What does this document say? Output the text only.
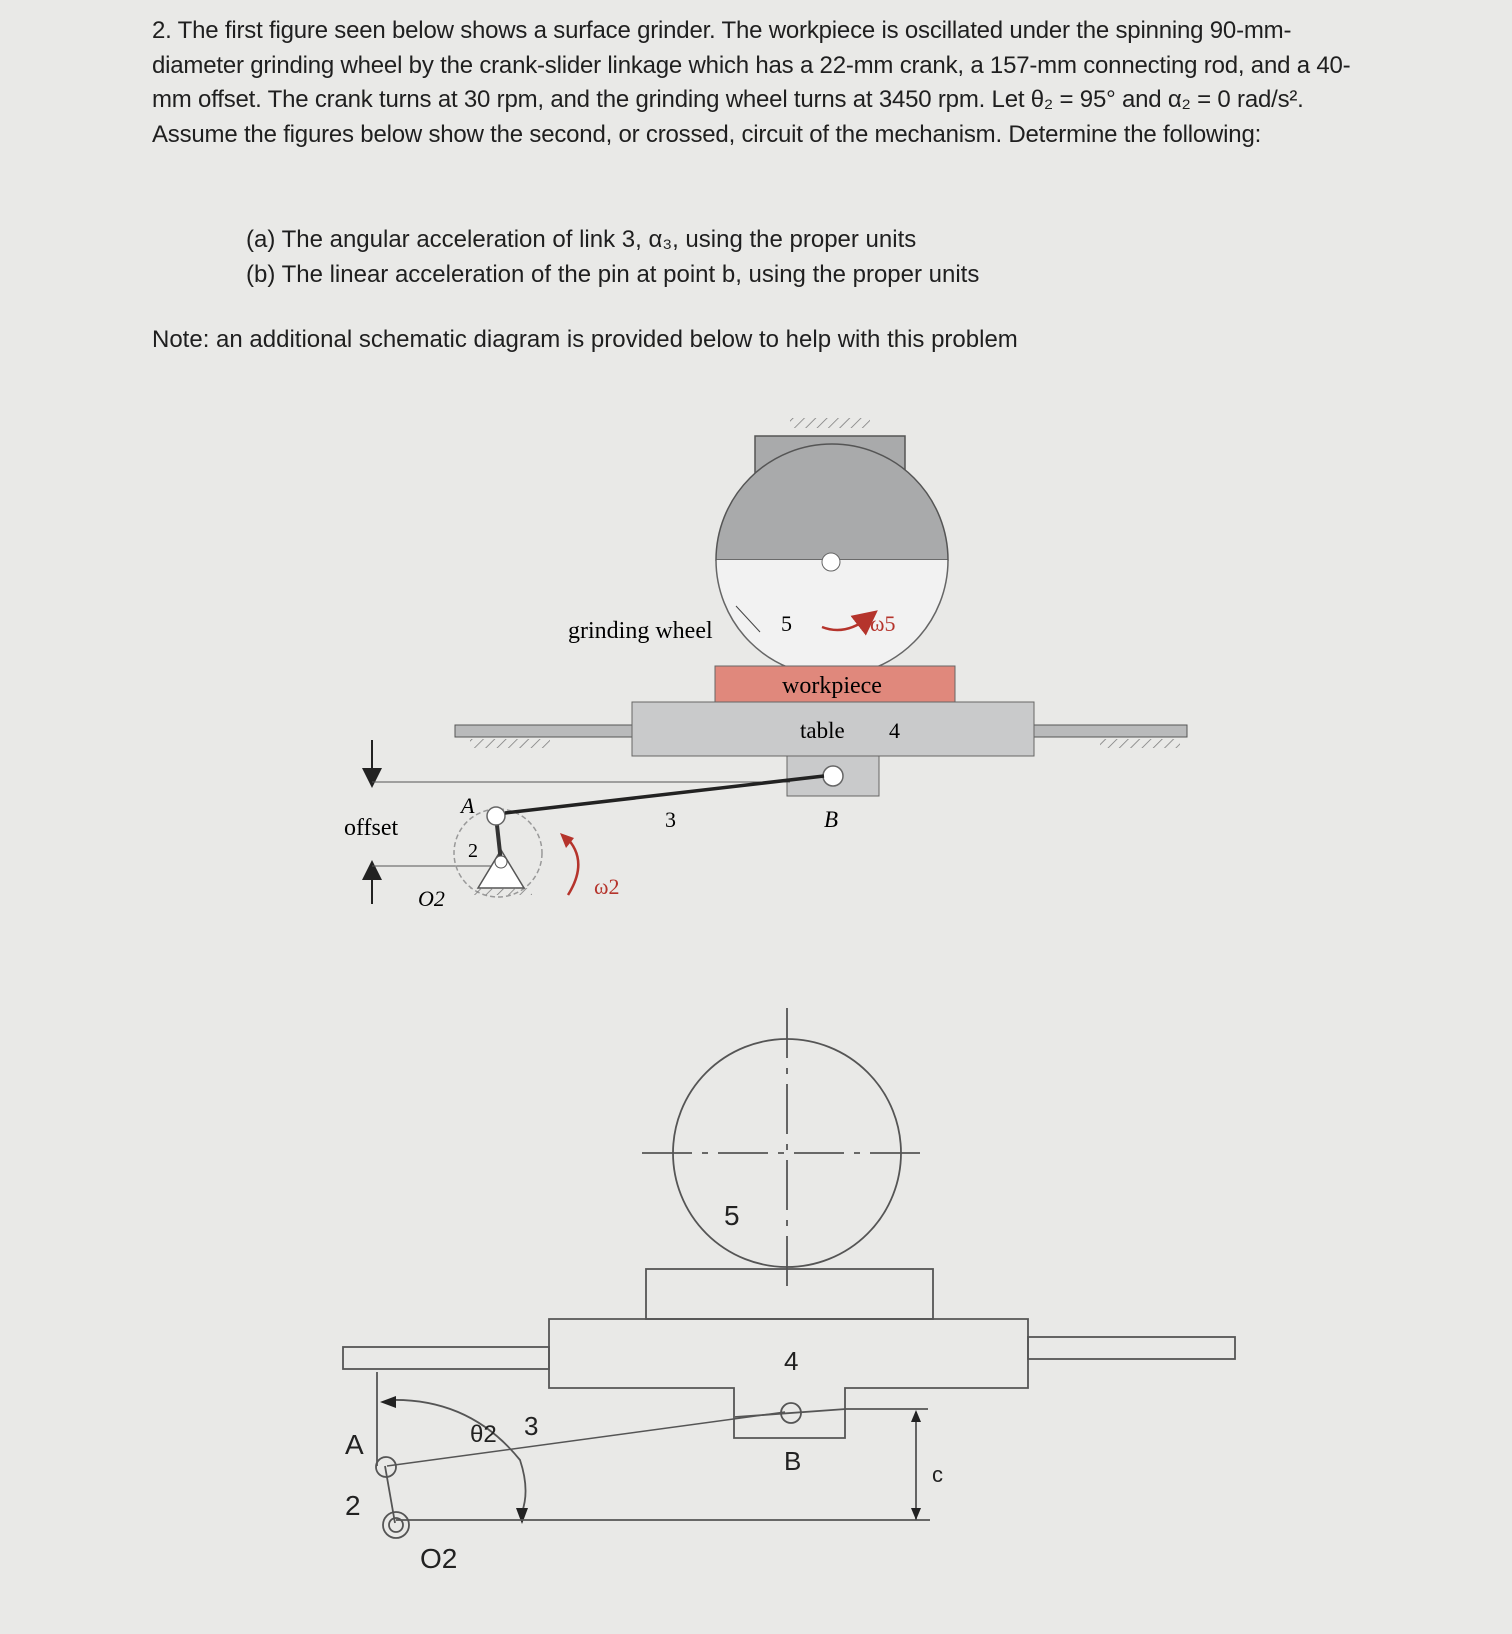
2. The first figure seen below shows a surface grinder. The workpiece is oscillated under the spinning 90-mm-diameter grinding wheel by the crank-slider linkage which has a 22-mm crank, a 157-mm connecting rod, and a 40-mm offset. The crank turns at 30 rpm, and the grinding wheel turns at 3450 rpm. Let θ₂ = 95° and α₂ = 0 rad/s². Assume the figures below show the second, or crossed, circuit of the mechanism. Determine the following:

(a) The angular acceleration of link 3, α₃, using the proper units
(b) The linear acceleration of the pin at point b, using the proper units
Note: an additional schematic diagram is provided below to help with this problem
5	ω5
grinding wheel
workpiece
table 4
B
offset
A
2
O2
3
ω2
5
4
B
3
A
2
O2
θ2
c
